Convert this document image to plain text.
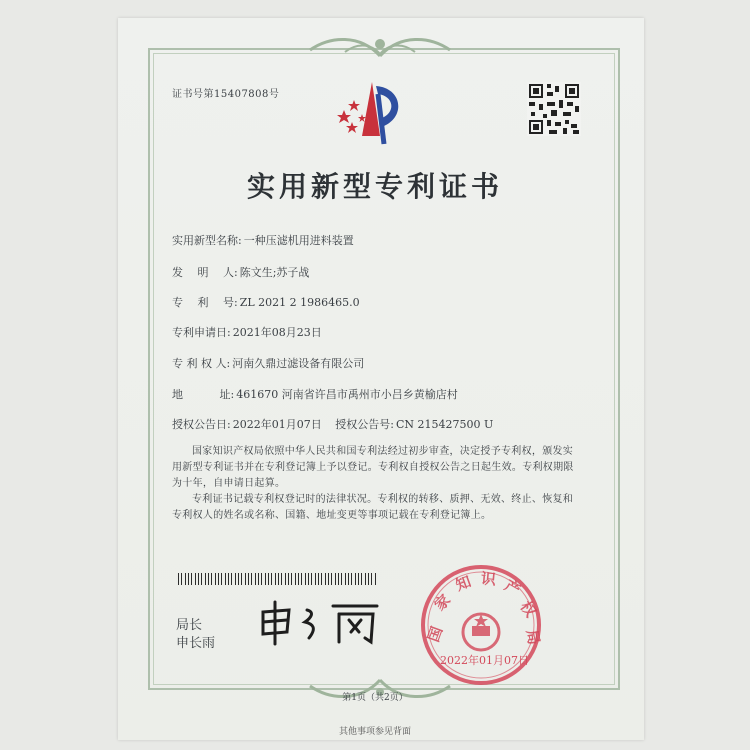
证书号第15407808号
实用新型专利证书
实用新型名称: 一种压滤机用进料装置
发　 明　 人: 陈文生;苏子战
专　 利　 号: ZL 2021 2 1986465.0
专利申请日: 2021年08月23日
专 利 权 人: 河南久鼎过滤设备有限公司
地　　　 址: 461670 河南省许昌市禹州市小吕乡黄榆店村
授权公告日: 2022年01月07日 授权公告号: CN 215427500 U
国家知识产权局依照中华人民共和国专利法经过初步审查，决定授予专利权，颁发实用新型专利证书并在专利登记簿上予以登记。专利权自授权公告之日起生效。专利权期限为十年，自申请日起算。
专利证书记载专利权登记时的法律状况。专利权的转移、质押、无效、终止、恢复和专利权人的姓名或名称、国籍、地址变更等事项记载在专利登记簿上。
局长
申长雨	国
家
知 识 产
权
局
2022年01月07日
第1页（共2页）
其他事项参见背面
